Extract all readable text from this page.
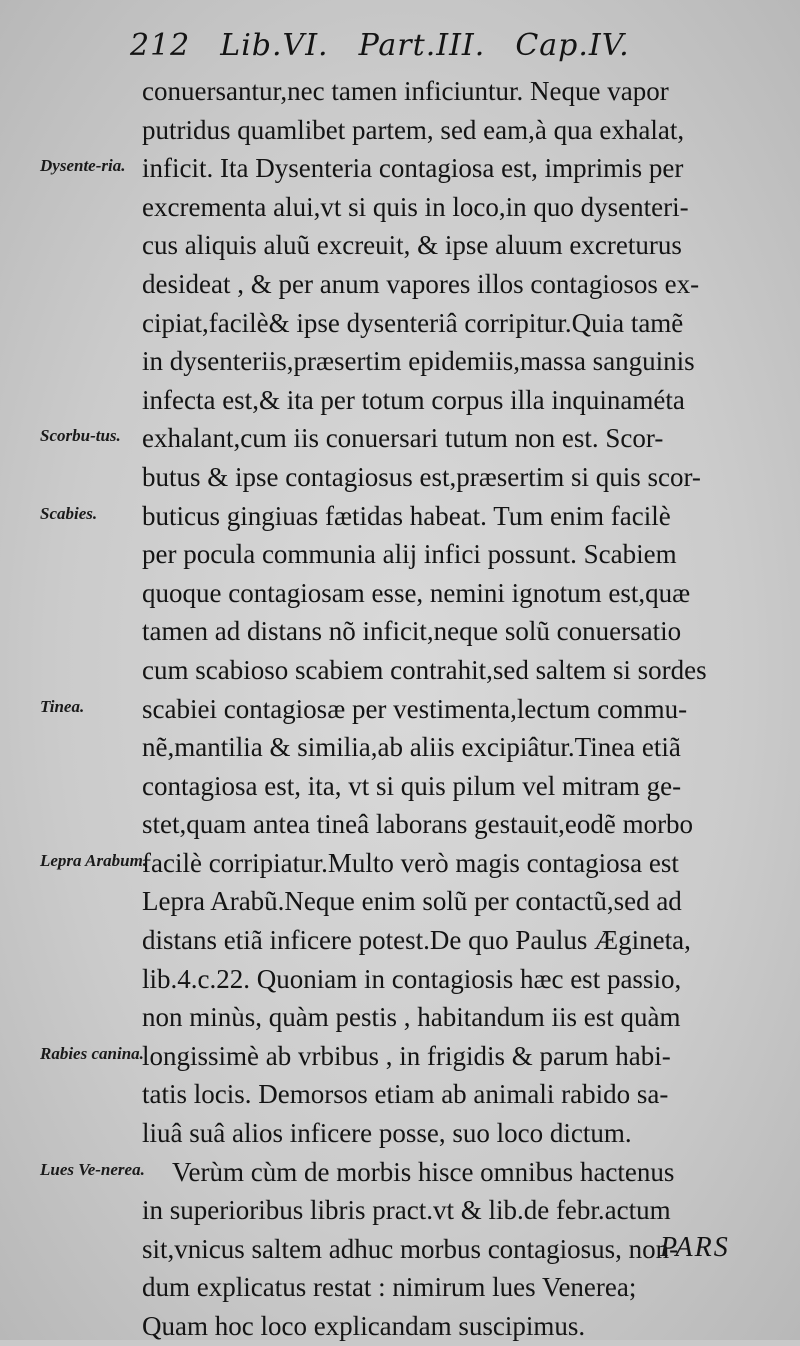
212 Lib.VI. Part.III. Cap.IV.
Dysente-ria.
Scorbu-tus.
Scabies.
Tinea.
Lepra Arabum.
Rabies canina.
Lues Ve-nerea.
conuersantur,nec tamen inficiuntur. Neque vapor
putridus quamlibet partem, sed eam,à qua exhalat,
inficit. Ita Dysenteria contagiosa est, imprimis per
excrementa alui,vt si quis in loco,in quo dysenteri-
cus aliquis aluũ excreuit, & ipse aluum excreturus
desideat , & per anum vapores illos contagiosos ex-
cipiat,facilè& ipse dysenteriâ corripitur.Quia tamẽ
in dysenteriis,præsertim epidemiis,massa sanguinis
infecta est,& ita per totum corpus illa inquinaméta
exhalant,cum iis conuersari tutum non est. Scor-
butus & ipse contagiosus est,præsertim si quis scor-
buticus gingiuas fætidas habeat. Tum enim facilè
per pocula communia alij infici possunt. Scabiem
quoque contagiosam esse, nemini ignotum est,quæ
tamen ad distans nõ inficit,neque solũ conuersatio
cum scabioso scabiem contrahit,sed saltem si sordes
scabiei contagiosæ per vestimenta,lectum commu-
nẽ,mantilia & similia,ab aliis excipiâtur.Tinea etiã
contagiosa est, ita, vt si quis pilum vel mitram ge-
stet,quam antea tineâ laborans gestauit,eodẽ morbo
facilè corripiatur.Multo verò magis contagiosa est
Lepra Arabũ.Neque enim solũ per contactũ,sed ad
distans etiã inficere potest.De quo Paulus Ægineta,
lib.4.c.22. Quoniam in contagiosis hæc est passio,
non minùs, quàm pestis , habitandum iis est quàm
longissimè ab vrbibus , in frigidis & parum habi-
tatis locis. Demorsos etiam ab animali rabido sa-
liuâ suâ alios inficere posse, suo loco dictum.
Verùm cùm de morbis hisce omnibus hactenus
in superioribus libris pract.vt & lib.de febr.actum
sit,vnicus saltem adhuc morbus contagiosus, non-
dum explicatus restat : nimirum lues Venerea;
Quam hoc loco explicandam suscipimus.
PARS
